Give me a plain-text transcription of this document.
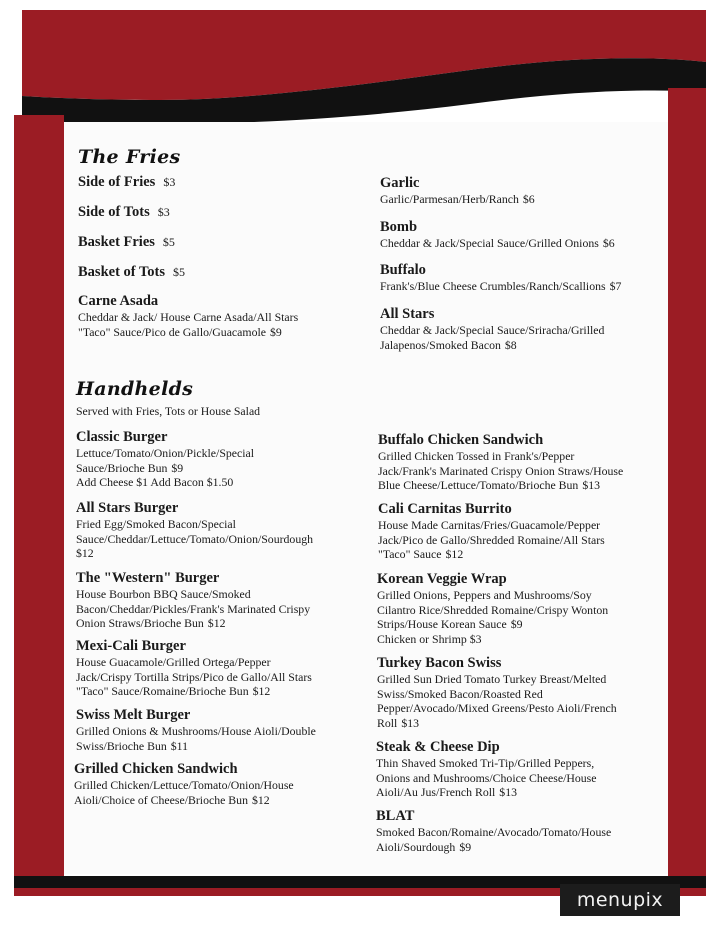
The Fries
Side of Fries $3
Side of Tots $3
Basket Fries $5
Basket of Tots $5
Carne Asada
Cheddar & Jack/ House Carne Asada/All Stars
"Taco" Sauce/Pico de Gallo/Guacamole $9
Garlic
Garlic/Parmesan/Herb/Ranch $6
Bomb
Cheddar & Jack/Special Sauce/Grilled Onions $6
Buffalo
Frank's/Blue Cheese Crumbles/Ranch/Scallions $7
All Stars
Cheddar & Jack/Special Sauce/Sriracha/Grilled
Jalapenos/Smoked Bacon $8
Handhelds
Served with Fries, Tots or House Salad
Classic Burger
Lettuce/Tomato/Onion/Pickle/Special
Sauce/Brioche Bun $9
Add Cheese $1 Add Bacon $1.50
All Stars Burger
Fried Egg/Smoked Bacon/Special
Sauce/Cheddar/Lettuce/Tomato/Onion/Sourdough
$12
The "Western" Burger
House Bourbon BBQ Sauce/Smoked
Bacon/Cheddar/Pickles/Frank's Marinated Crispy
Onion Straws/Brioche Bun $12
Mexi-Cali Burger
House Guacamole/Grilled Ortega/Pepper
Jack/Crispy Tortilla Strips/Pico de Gallo/All Stars
"Taco" Sauce/Romaine/Brioche Bun $12
Swiss Melt Burger
Grilled Onions & Mushrooms/House Aioli/Double
Swiss/Brioche Bun $11
Grilled Chicken Sandwich
Grilled Chicken/Lettuce/Tomato/Onion/House
Aioli/Choice of Cheese/Brioche Bun $12
Buffalo Chicken Sandwich
Grilled Chicken Tossed in Frank's/Pepper
Jack/Frank's Marinated Crispy Onion Straws/House
Blue Cheese/Lettuce/Tomato/Brioche Bun $13
Cali Carnitas Burrito
House Made Carnitas/Fries/Guacamole/Pepper
Jack/Pico de Gallo/Shredded Romaine/All Stars
"Taco" Sauce $12
Korean Veggie Wrap
Grilled Onions, Peppers and Mushrooms/Soy
Cilantro Rice/Shredded Romaine/Crispy Wonton
Strips/House Korean Sauce $9
Chicken or Shrimp $3
Turkey Bacon Swiss
Grilled Sun Dried Tomato Turkey Breast/Melted
Swiss/Smoked Bacon/Roasted Red
Pepper/Avocado/Mixed Greens/Pesto Aioli/French
Roll $13
Steak & Cheese Dip
Thin Shaved Smoked Tri-Tip/Grilled Peppers,
Onions and Mushrooms/Choice Cheese/House
Aioli/Au Jus/French Roll $13
BLAT
Smoked Bacon/Romaine/Avocado/Tomato/House
Aioli/Sourdough $9
menupix
